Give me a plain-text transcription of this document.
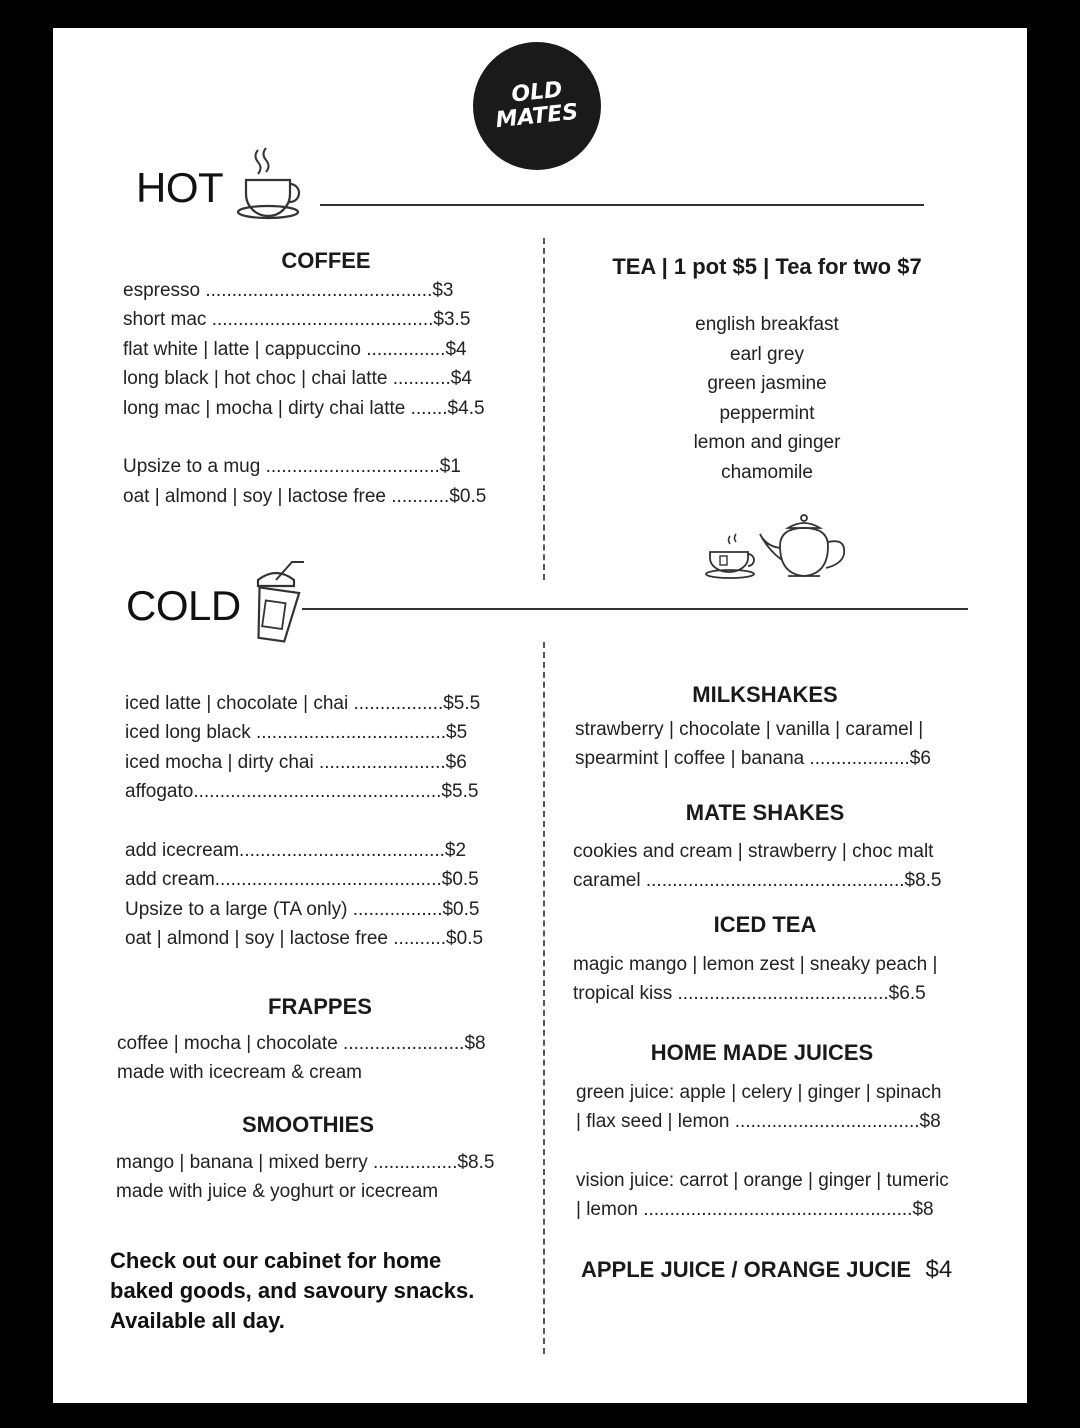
OLD
MATES
HOT
COFFEE
espresso ...........................................$3
short mac ..........................................$3.5
flat white | latte | cappuccino ...............$4
long black | hot choc | chai latte ...........$4
long mac | mocha | dirty chai latte .......$4.5
Upsize to a mug .................................$1
oat | almond | soy | lactose free ...........$0.5
TEA | 1 pot $5 | Tea for two $7
english breakfast
earl grey
green jasmine
peppermint
lemon and ginger
chamomile
COLD
iced latte | chocolate | chai .................$5.5
iced long black ....................................$5
iced mocha | dirty chai ........................$6
affogato...............................................$5.5
add icecream.......................................$2
add cream...........................................$0.5
Upsize to a large (TA only) .................$0.5
oat | almond | soy | lactose free ..........$0.5
FRAPPES
coffee | mocha | chocolate .......................$8
made with icecream & cream
SMOOTHIES
mango | banana | mixed berry ................$8.5
made with juice & yoghurt or icecream
Check out our cabinet for home
baked goods, and savoury snacks.
Available all day.
MILKSHAKES
strawberry | chocolate | vanilla | caramel |
spearmint | coffee | banana ...................$6
MATE SHAKES
cookies and cream | strawberry | choc malt
caramel .................................................$8.5
ICED TEA
magic mango | lemon zest | sneaky peach |
tropical kiss ........................................$6.5
HOME MADE JUICES
green juice: apple | celery | ginger | spinach
| flax seed | lemon ...................................$8
vision juice: carrot | orange | ginger | tumeric
| lemon ...................................................$8
APPLE JUICE / ORANGE JUCIE $4
